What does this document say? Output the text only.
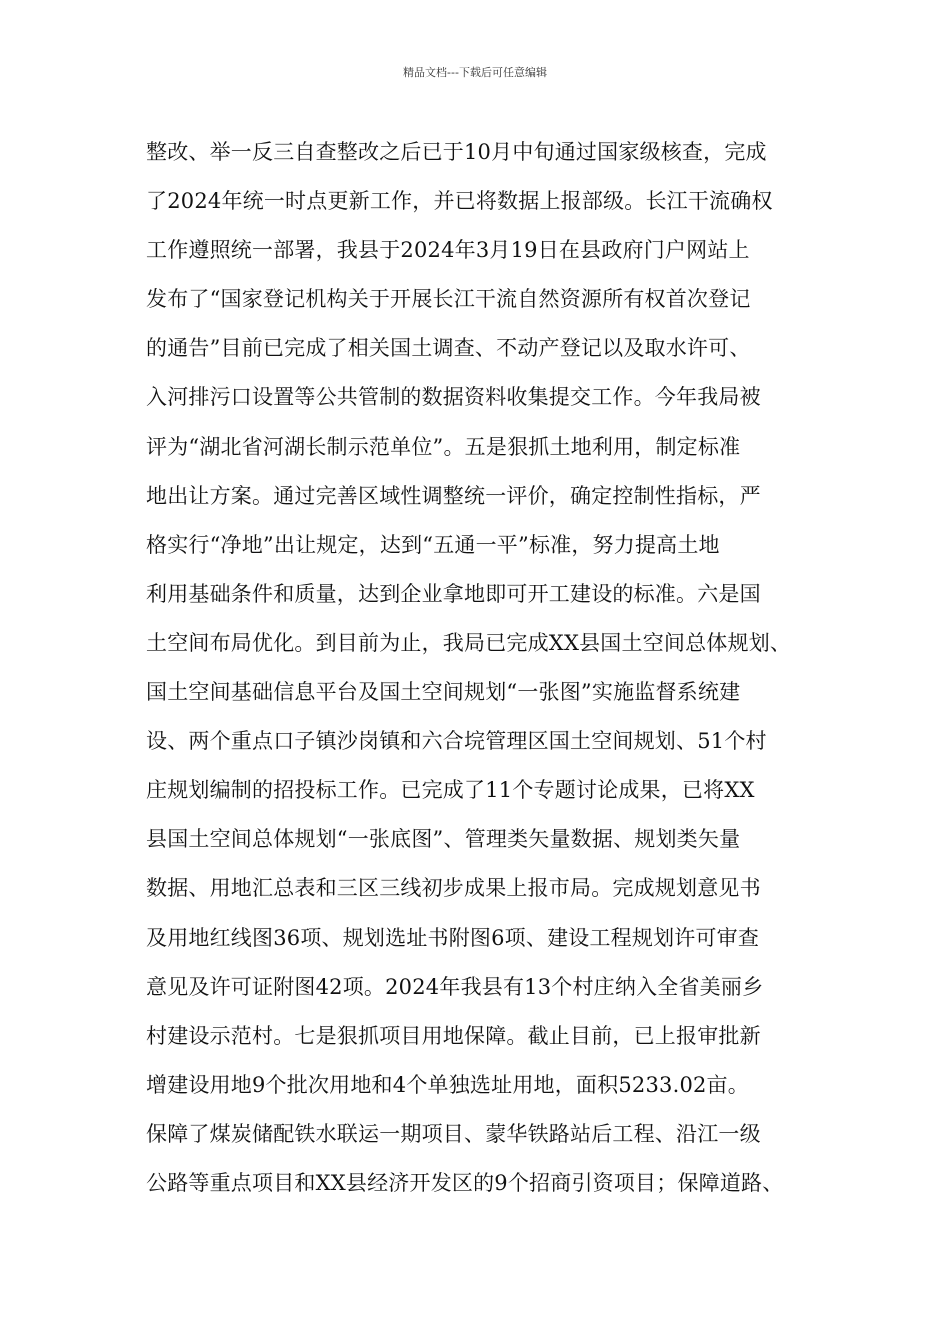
精品文档---下载后可任意编辑
整改、举一反三自查整改之后已于10月中旬通过国家级核查，完成
了2024年统一时点更新工作，并已将数据上报部级。长江干流确权
工作遵照统一部署，我县于2024年3月19日在县政府门户网站上
发布了“国家登记机构关于开展长江干流自然资源所有权首次登记
的通告”目前已完成了相关国土调查、不动产登记以及取水许可、
入河排污口设置等公共管制的数据资料收集提交工作。今年我局被
评为“湖北省河湖长制示范单位”。五是狠抓土地利用，制定标准
地出让方案。通过完善区域性调整统一评价，确定控制性指标，严
格实行“净地”出让规定，达到“五通一平”标准，努力提高土地
利用基础条件和质量，达到企业拿地即可开工建设的标准。六是国
土空间布局优化。到目前为止，我局已完成XX县国土空间总体规划、
国土空间基础信息平台及国土空间规划“一张图”实施监督系统建
设、两个重点口子镇沙岗镇和六合垸管理区国土空间规划、51个村
庄规划编制的招投标工作。已完成了11个专题讨论成果，已将XX
县国土空间总体规划“一张底图”、管理类矢量数据、规划类矢量
数据、用地汇总表和三区三线初步成果上报市局。完成规划意见书
及用地红线图36项、规划选址书附图6项、建设工程规划许可审查
意见及许可证附图42项。2024年我县有13个村庄纳入全省美丽乡
村建设示范村。七是狠抓项目用地保障。截止目前，已上报审批新
增建设用地9个批次用地和4个单独选址用地，面积5233.02亩。
保障了煤炭储配铁水联运一期项目、蒙华铁路站后工程、沿江一级
公路等重点项目和XX县经济开发区的9个招商引资项目；保障道路、
